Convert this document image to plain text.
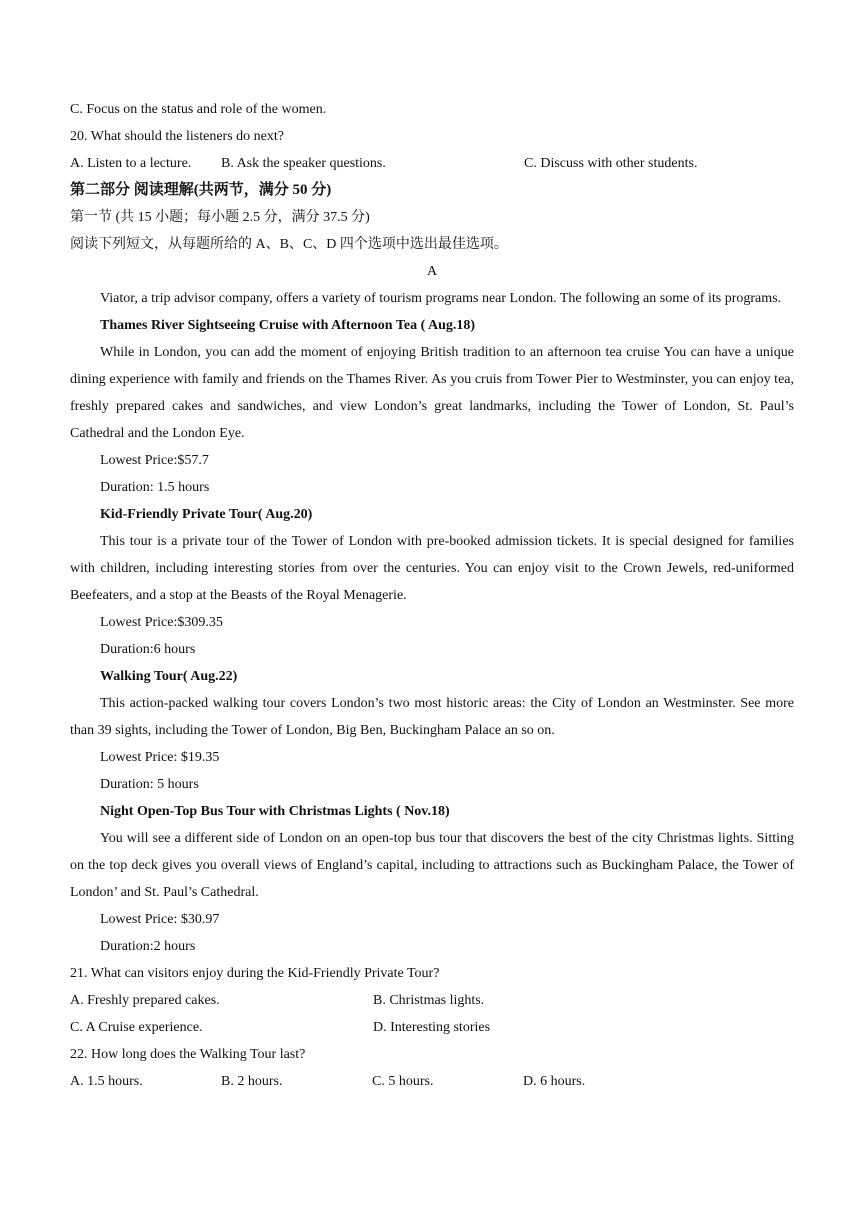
C. Focus on the status and role of the women.
20. What should the listeners do next?
A. Listen to a lecture.	B. Ask the speaker questions.	C. Discuss with other students.
第二部分 阅读理解(共两节，满分 50 分)
第一节 (共 15 小题；每小题 2.5 分，满分 37.5 分)
阅读下列短文，从每题所给的 A、B、C、D 四个选项中选出最佳选项。
A
Viator, a trip advisor company, offers a variety of tourism programs near London. The following an some of its programs.
Thames River Sightseeing Cruise with Afternoon Tea ( Aug.18)
While in London, you can add the moment of enjoying British tradition to an afternoon tea cruise You can have a unique dining experience with family and friends on the Thames River. As you cruis from Tower Pier to Westminster, you can enjoy tea, freshly prepared cakes and sandwiches, and view London’s great landmarks, including the Tower of London, St. Paul’s Cathedral and the London Eye.
Lowest Price:$57.7
Duration: 1.5 hours
Kid-Friendly Private Tour( Aug.20)
This tour is a private tour of the Tower of London with pre-booked admission tickets. It is special designed for families with children, including interesting stories from over the centuries. You can enjoy visit to the Crown Jewels, red-uniformed Beefeaters, and a stop at the Beasts of the Royal Menagerie.
Lowest Price:$309.35
Duration:6 hours
Walking Tour( Aug.22)
This action-packed walking tour covers London’s two most historic areas: the City of London an Westminster. See more than 39 sights, including the Tower of London, Big Ben, Buckingham Palace an so on.
Lowest Price: $19.35
Duration: 5 hours
Night Open-Top Bus Tour with Christmas Lights ( Nov.18)
You will see a different side of London on an open-top bus tour that discovers the best of the city Christmas lights. Sitting on the top deck gives you overall views of England’s capital, including to attractions such as Buckingham Palace, the Tower of London’ and St. Paul’s Cathedral.
Lowest Price: $30.97
Duration:2 hours
21. What can visitors enjoy during the Kid-Friendly Private Tour?
A. Freshly prepared cakes.	B. Christmas lights.
C. A Cruise experience.	D. Interesting stories
22. How long does the Walking Tour last?
A. 1.5 hours.	B. 2 hours.	C. 5 hours.	D. 6 hours.
